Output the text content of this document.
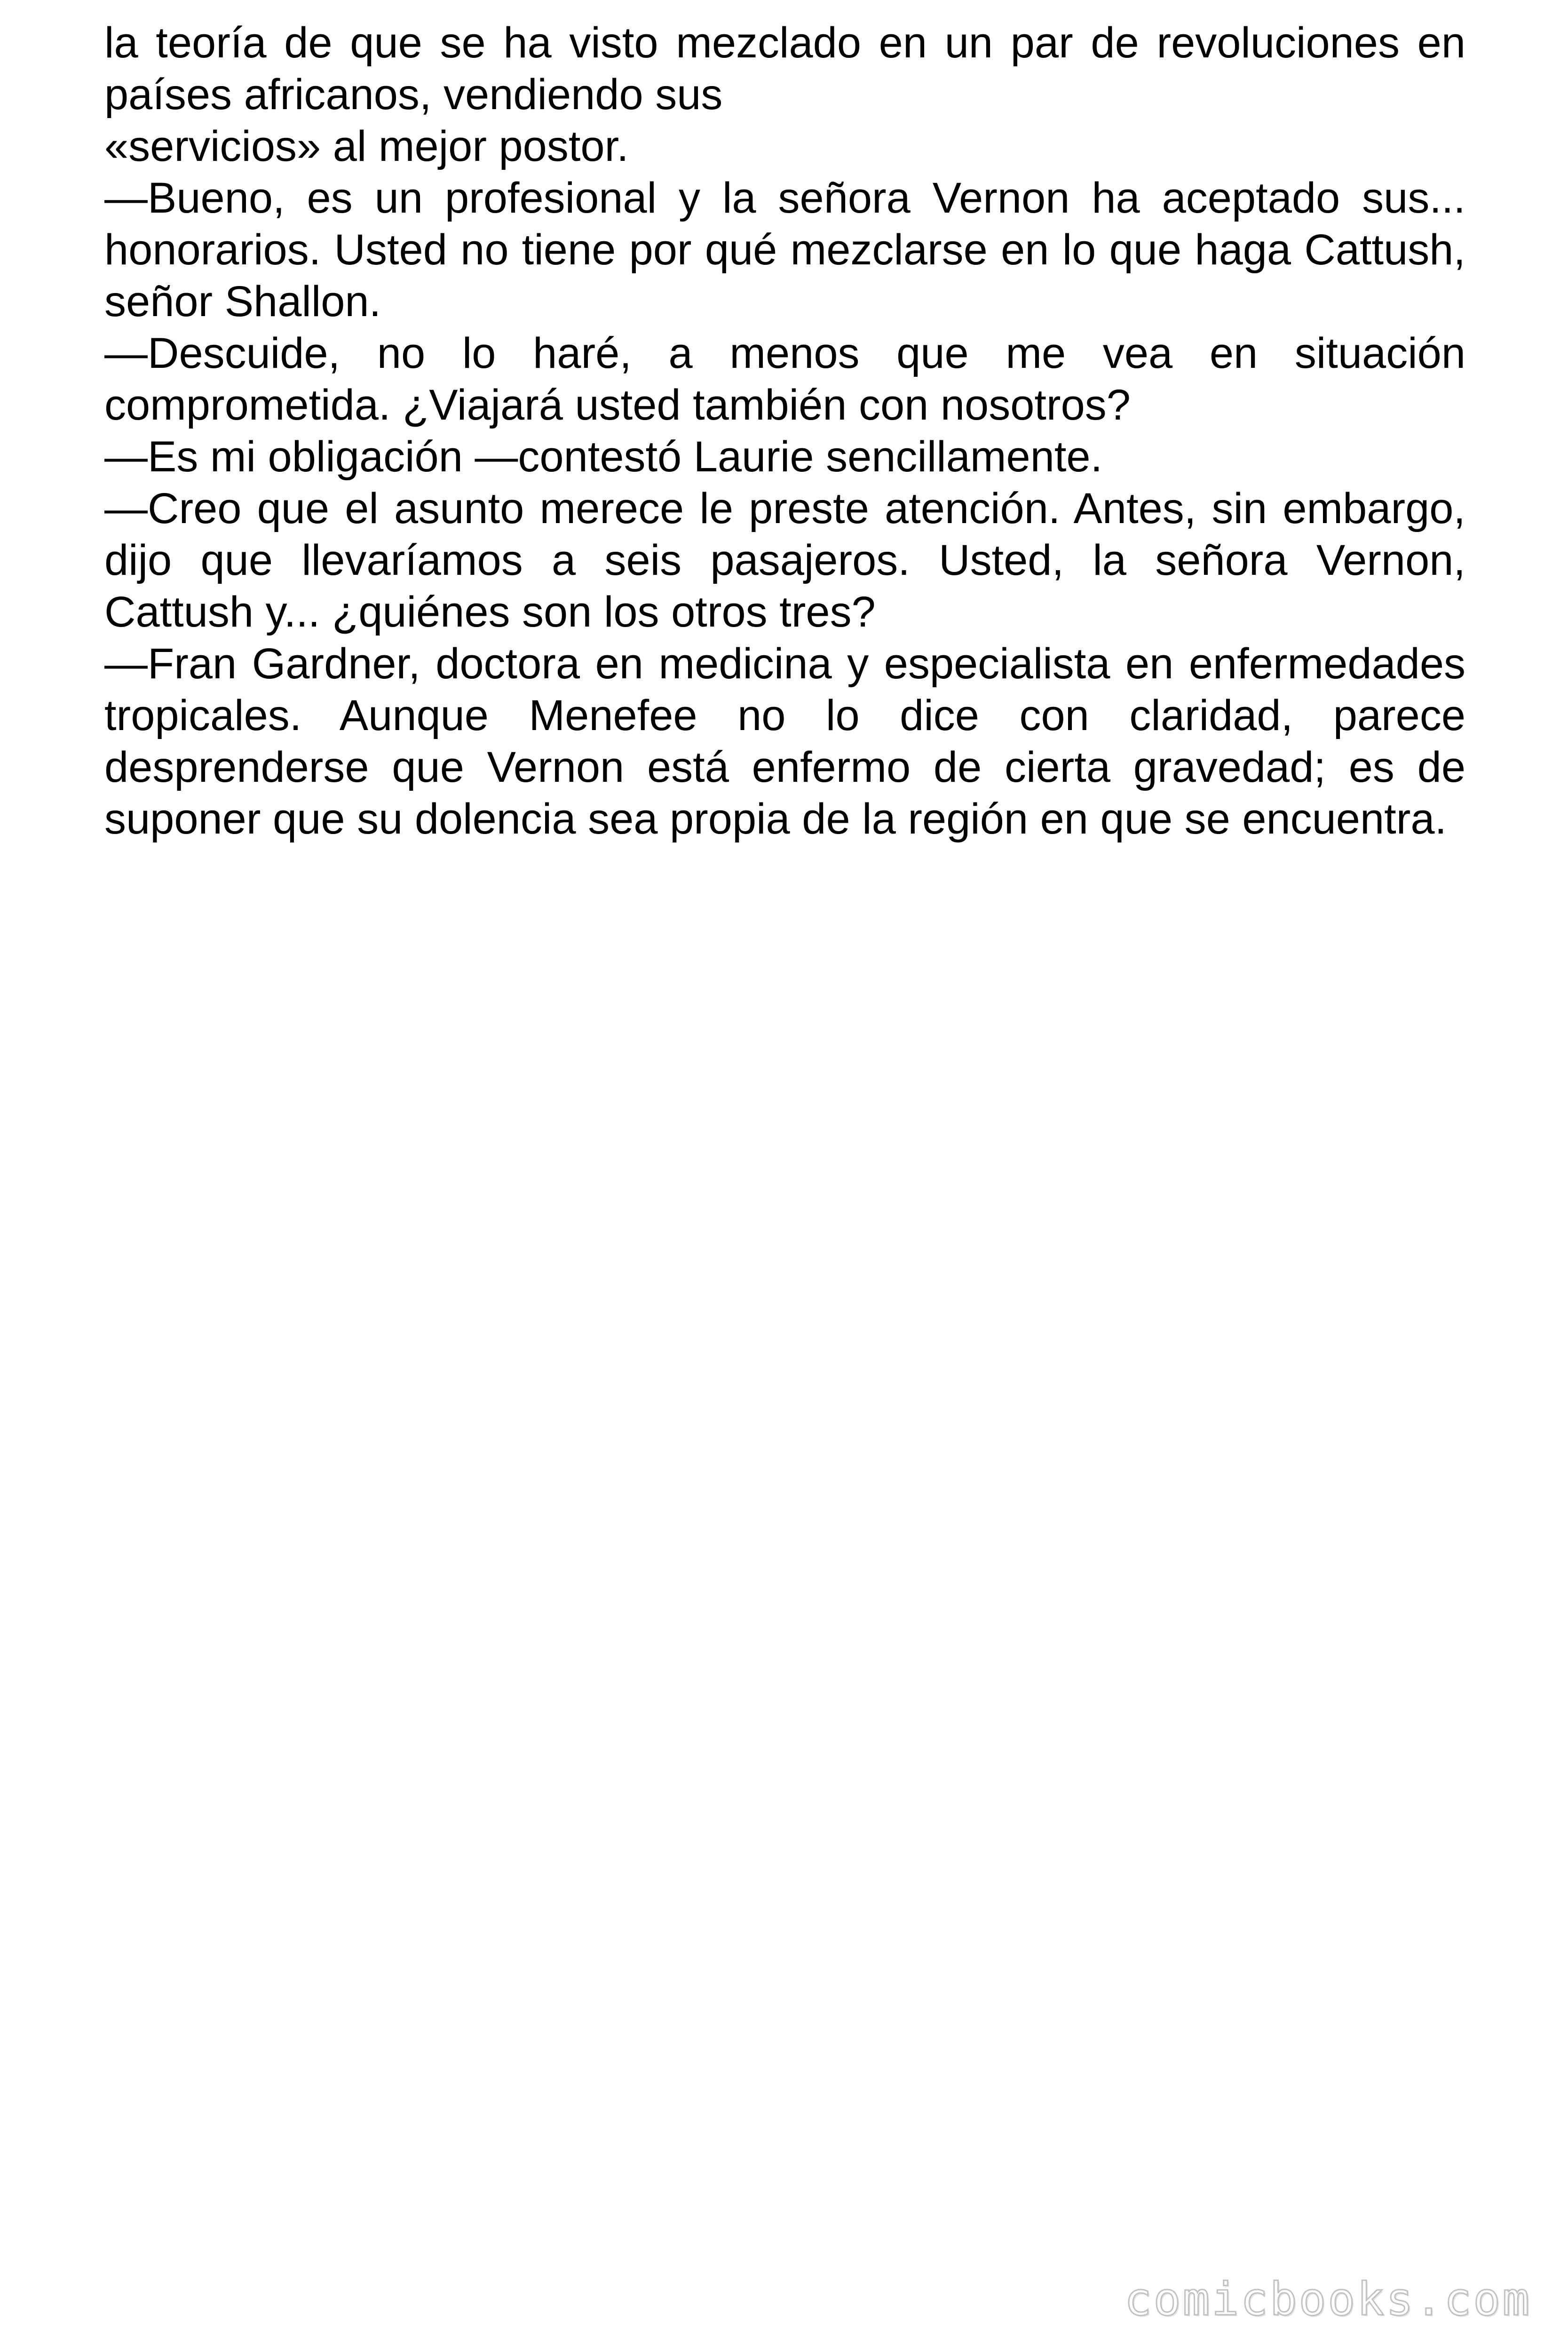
la teoría de que se ha visto mezclado en un par de revoluciones en países africanos, vendiendo sus

«servicios» al mejor postor.

—Bueno, es un profesional y la señora Vernon ha aceptado sus... honorarios. Usted no tiene por qué mezclarse en lo que haga Cattush, señor Shallon.

—Descuide, no lo haré, a menos que me vea en situación comprometida. ¿Viajará usted también con nosotros?

—Es mi obligación —contestó Laurie sencillamente.

—Creo que el asunto merece le preste atención. Antes, sin embargo, dijo que llevaríamos a seis pasajeros. Usted, la señora Vernon, Cattush y... ¿quiénes son los otros tres?

—Fran Gardner, doctora en medicina y especialista en enfermedades tropicales. Aunque Menefee no lo dice con claridad, parece desprenderse que Vernon está enfermo de cierta gravedad; es de suponer que su dolencia sea propia de la región en que se encuentra.

comicbooks.com
